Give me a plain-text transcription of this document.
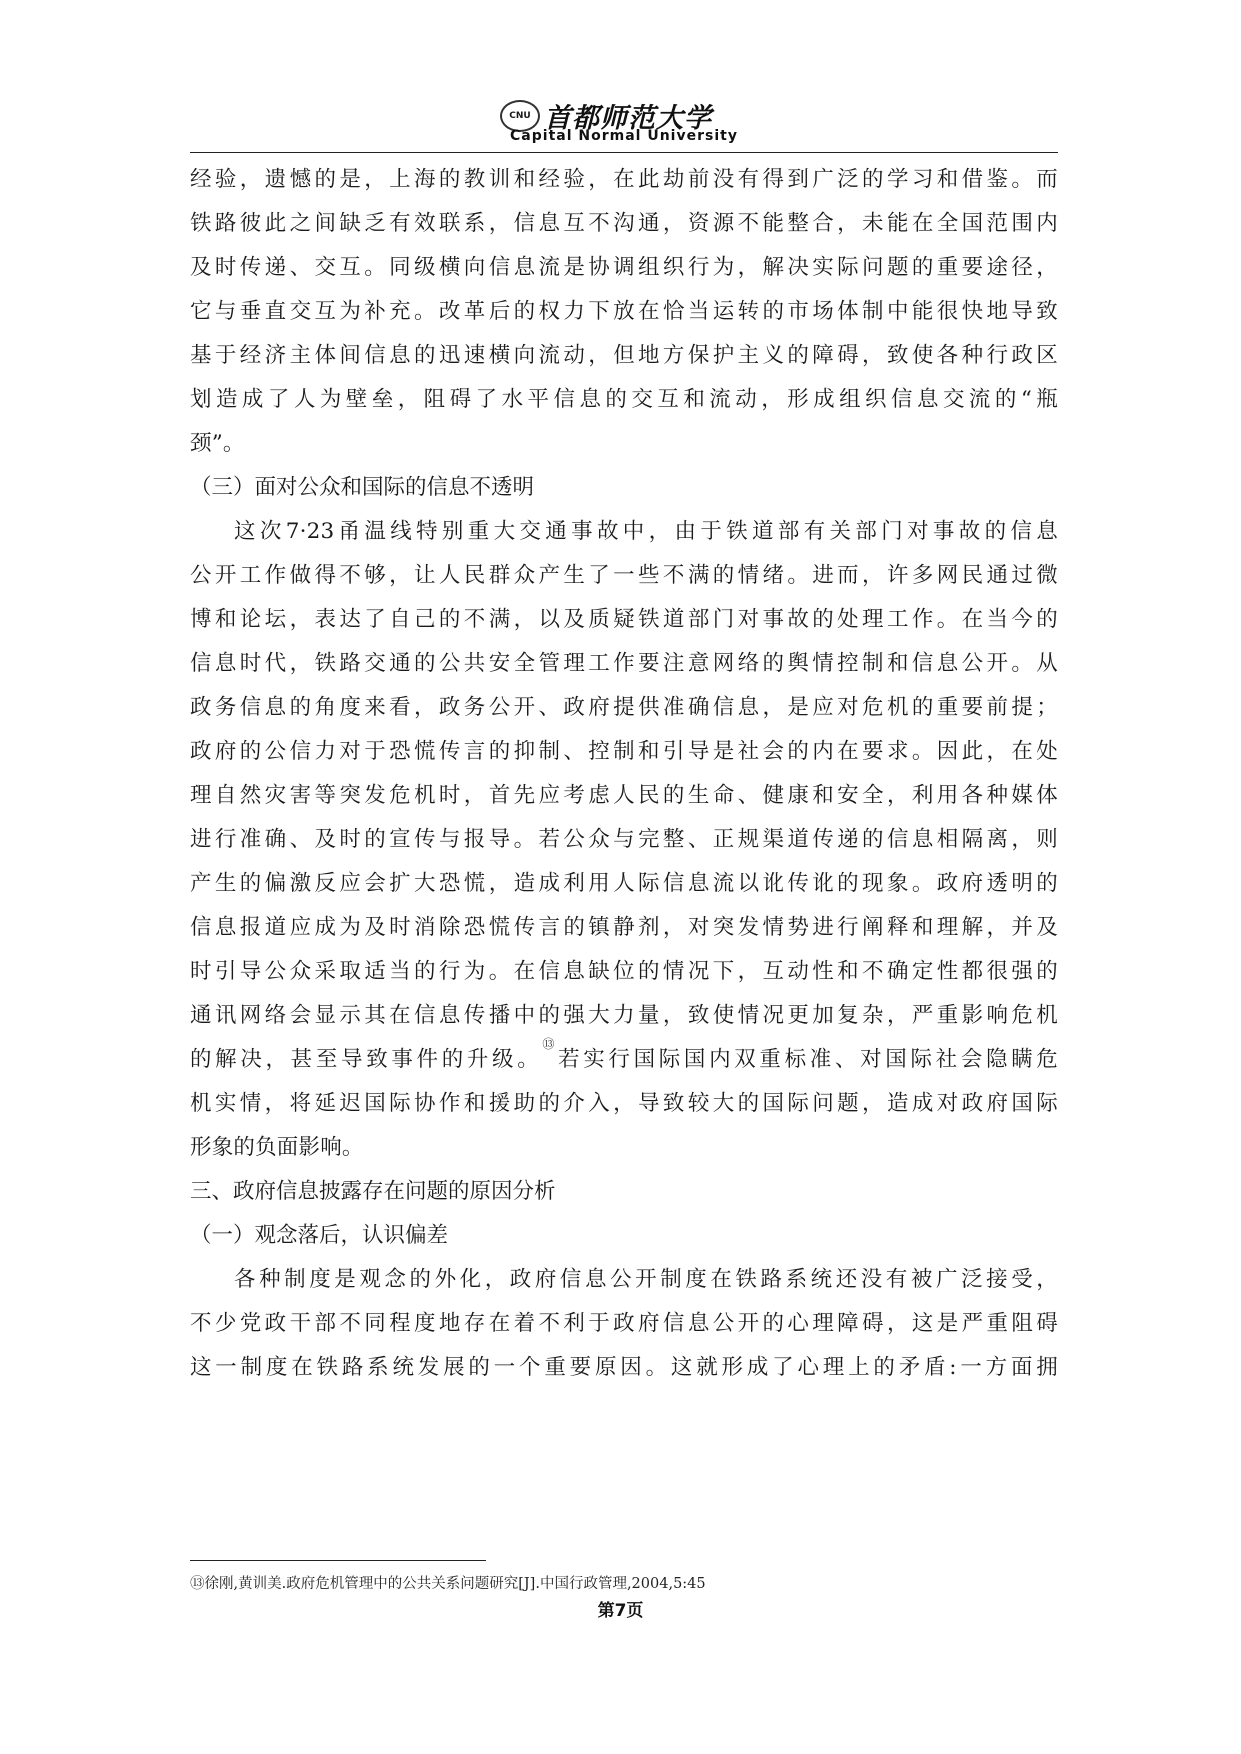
CNU 首都师范大学
Capital Normal University
经验，遗憾的是，上海的教训和经验，在此劫前没有得到广泛的学习和借鉴。而
铁路彼此之间缺乏有效联系，信息互不沟通，资源不能整合，未能在全国范围内
及时传递、交互。同级横向信息流是协调组织行为，解决实际问题的重要途径，
它与垂直交互为补充。改革后的权力下放在恰当运转的市场体制中能很快地导致
基于经济主体间信息的迅速横向流动，但地方保护主义的障碍，致使各种行政区
划造成了人为壁垒，阻碍了水平信息的交互和流动，形成组织信息交流的“瓶
颈”。
（三）面对公众和国际的信息不透明
这次7·23甬温线特别重大交通事故中，由于铁道部有关部门对事故的信息
公开工作做得不够，让人民群众产生了一些不满的情绪。进而，许多网民通过微
博和论坛，表达了自己的不满，以及质疑铁道部门对事故的处理工作。在当今的
信息时代，铁路交通的公共安全管理工作要注意网络的舆情控制和信息公开。从
政务信息的角度来看，政务公开、政府提供准确信息，是应对危机的重要前提；
政府的公信力对于恐慌传言的抑制、控制和引导是社会的内在要求。因此，在处
理自然灾害等突发危机时，首先应考虑人民的生命、健康和安全，利用各种媒体
进行准确、及时的宣传与报导。若公众与完整、正规渠道传递的信息相隔离，则
产生的偏激反应会扩大恐慌，造成利用人际信息流以讹传讹的现象。政府透明的
信息报道应成为及时消除恐慌传言的镇静剂，对突发情势进行阐释和理解，并及
时引导公众采取适当的行为。在信息缺位的情况下，互动性和不确定性都很强的
通讯网络会显示其在信息传播中的强大力量，致使情况更加复杂，严重影响危机
的解决，甚至导致事件的升级。⑬若实行国际国内双重标准、对国际社会隐瞒危
机实情，将延迟国际协作和援助的介入，导致较大的国际问题，造成对政府国际
形象的负面影响。
三、政府信息披露存在问题的原因分析
（一）观念落后，认识偏差
各种制度是观念的外化，政府信息公开制度在铁路系统还没有被广泛接受，
不少党政干部不同程度地存在着不利于政府信息公开的心理障碍，这是严重阻碍
这一制度在铁路系统发展的一个重要原因。这就形成了心理上的矛盾:一方面拥
⑬徐刚,黄训美.政府危机管理中的公共关系问题研究[J].中国行政管理,2004,5:45
第7页
